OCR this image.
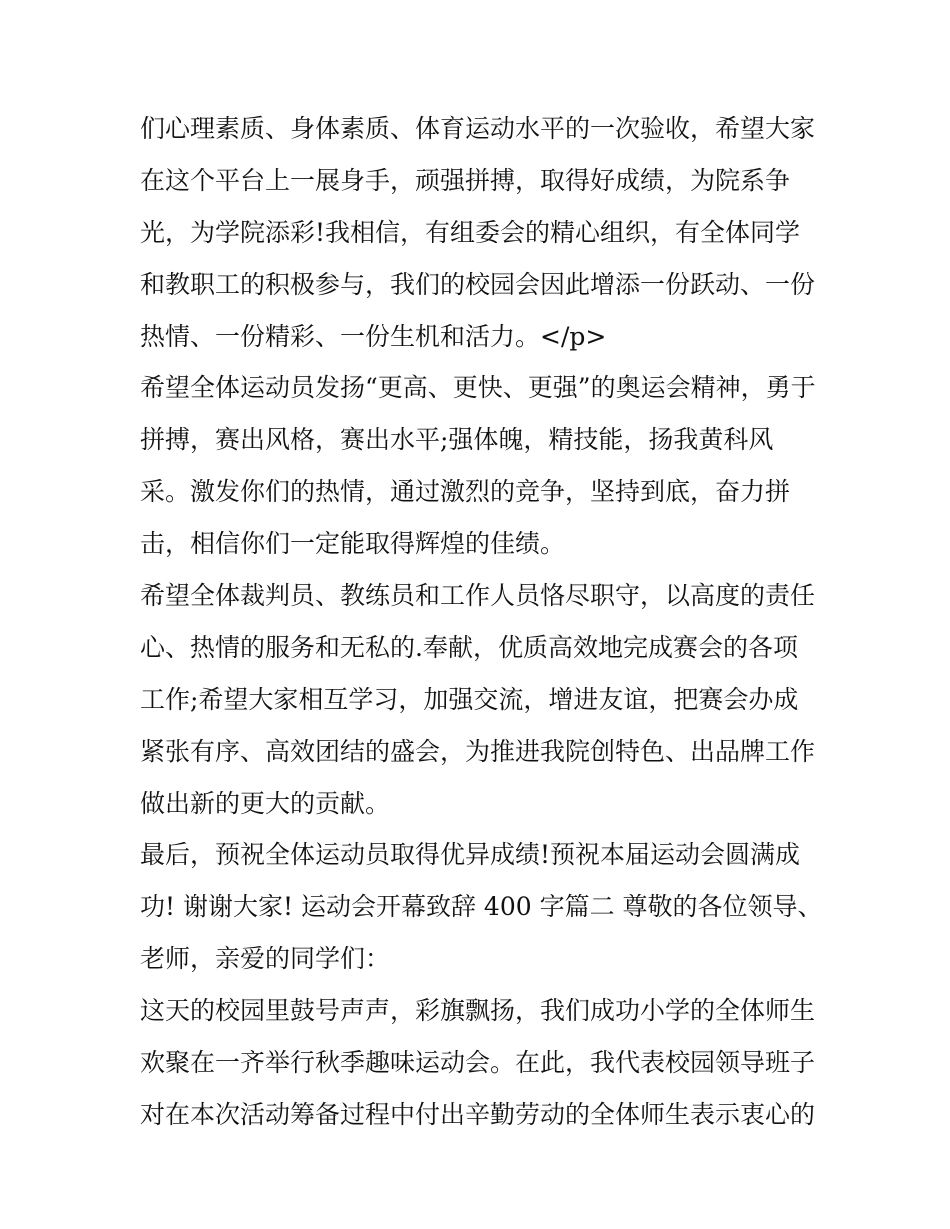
们心理素质、身体素质、体育运动水平的一次验收，希望大家
在这个平台上一展身手，顽强拼搏，取得好成绩，为院系争
光，为学院添彩!我相信，有组委会的精心组织，有全体同学
和教职工的积极参与，我们的校园会因此增添一份跃动、一份
热情、一份精彩、一份生机和活力。</p>
希望全体运动员发扬“更高、更快、更强”的奥运会精神，勇于
拼搏，赛出风格，赛出水平;强体魄，精技能，扬我黄科风
采。激发你们的热情，通过激烈的竞争，坚持到底，奋力拼
击，相信你们一定能取得辉煌的佳绩。
希望全体裁判员、教练员和工作人员恪尽职守，以高度的责任
心、热情的服务和无私的.奉献，优质高效地完成赛会的各项
工作;希望大家相互学习，加强交流，增进友谊，把赛会办成
紧张有序、高效团结的盛会，为推进我院创特色、出品牌工作
做出新的更大的贡献。
最后，预祝全体运动员取得优异成绩!预祝本届运动会圆满成
功! 谢谢大家! 运动会开幕致辞 400 字篇二 尊敬的各位领导、
老师，亲爱的同学们：
这天的校园里鼓号声声，彩旗飘扬，我们成功小学的全体师生
欢聚在一齐举行秋季趣味运动会。在此，我代表校园领导班子
对在本次活动筹备过程中付出辛勤劳动的全体师生表示衷心的
